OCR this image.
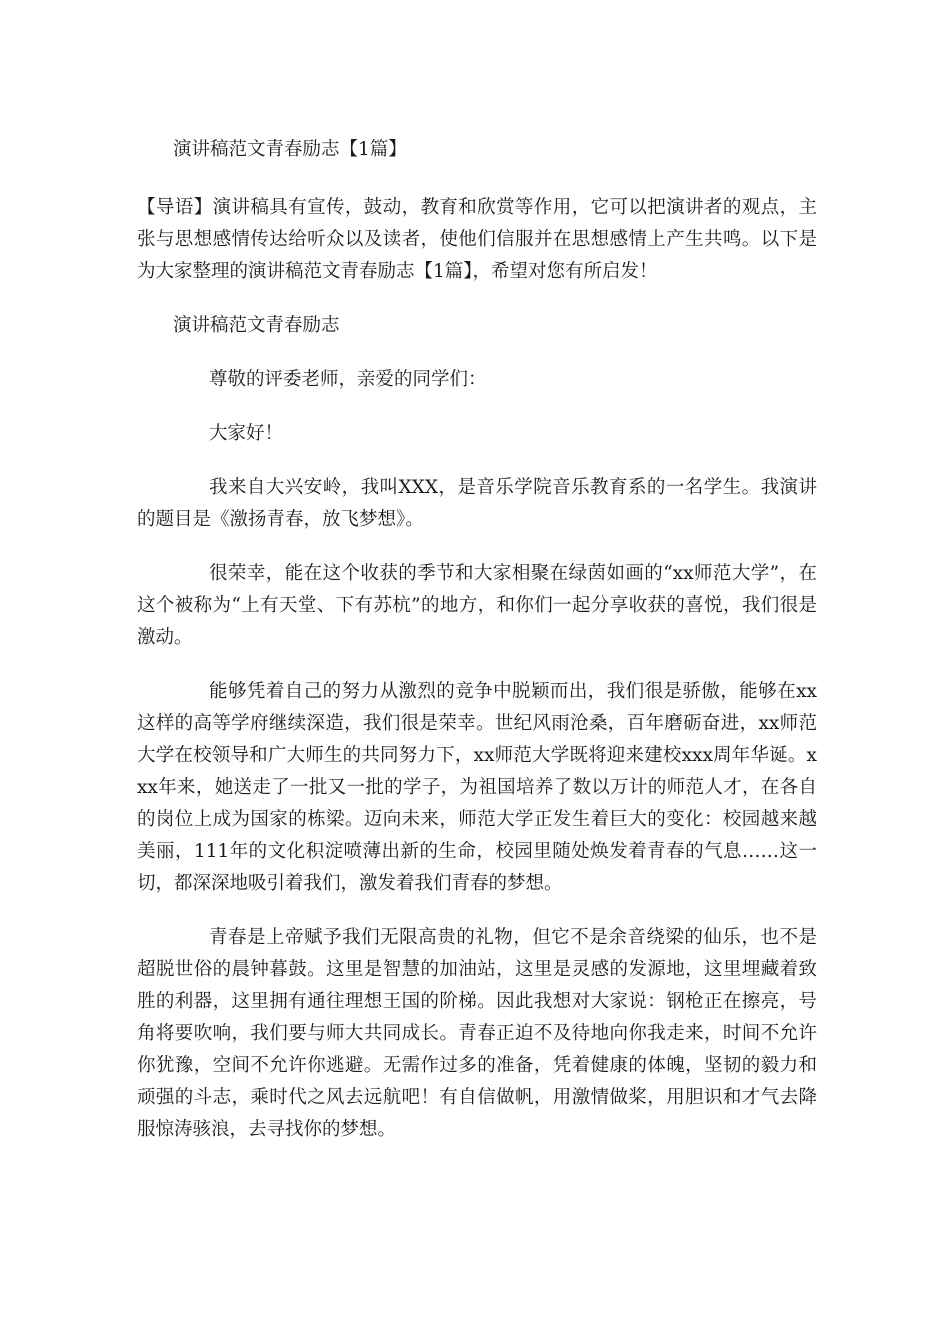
演讲稿范文青春励志【1篇】

【导语】演讲稿具有宣传，鼓动，教育和欣赏等作用，它可以把演讲者的观点，主张与思想感情传达给听众以及读者，使他们信服并在思想感情上产生共鸣。以下是为大家整理的演讲稿范文青春励志【1篇】，希望对您有所启发！

演讲稿范文青春励志

尊敬的评委老师，亲爱的同学们：

大家好！

我来自大兴安岭，我叫XXX，是音乐学院音乐教育系的一名学生。我演讲的题目是《激扬青春，放飞梦想》。

很荣幸，能在这个收获的季节和大家相聚在绿茵如画的“xx师范大学”，在这个被称为“上有天堂、下有苏杭”的地方，和你们一起分享收获的喜悦，我们很是激动。

能够凭着自己的努力从激烈的竞争中脱颖而出，我们很是骄傲，能够在xx这样的高等学府继续深造，我们很是荣幸。世纪风雨沧桑，百年磨砺奋进，xx师范大学在校领导和广大师生的共同努力下，xx师范大学既将迎来建校xxx周年华诞。xxx年来，她送走了一批又一批的学子，为祖国培养了数以万计的师范人才，在各自的岗位上成为国家的栋梁。迈向未来，师范大学正发生着巨大的变化：校园越来越美丽，111年的文化积淀喷薄出新的生命，校园里随处焕发着青春的气息……这一切，都深深地吸引着我们，激发着我们青春的梦想。

青春是上帝赋予我们无限高贵的礼物，但它不是余音绕梁的仙乐，也不是超脱世俗的晨钟暮鼓。这里是智慧的加油站，这里是灵感的发源地，这里埋藏着致胜的利器，这里拥有通往理想王国的阶梯。因此我想对大家说：钢枪正在擦亮，号角将要吹响，我们要与师大共同成长。青春正迫不及待地向你我走来，时间不允许你犹豫，空间不允许你逃避。无需作过多的准备，凭着健康的体魄，坚韧的毅力和顽强的斗志，乘时代之风去远航吧！有自信做帆，用激情做桨，用胆识和才气去降服惊涛骇浪，去寻找你的梦想。
